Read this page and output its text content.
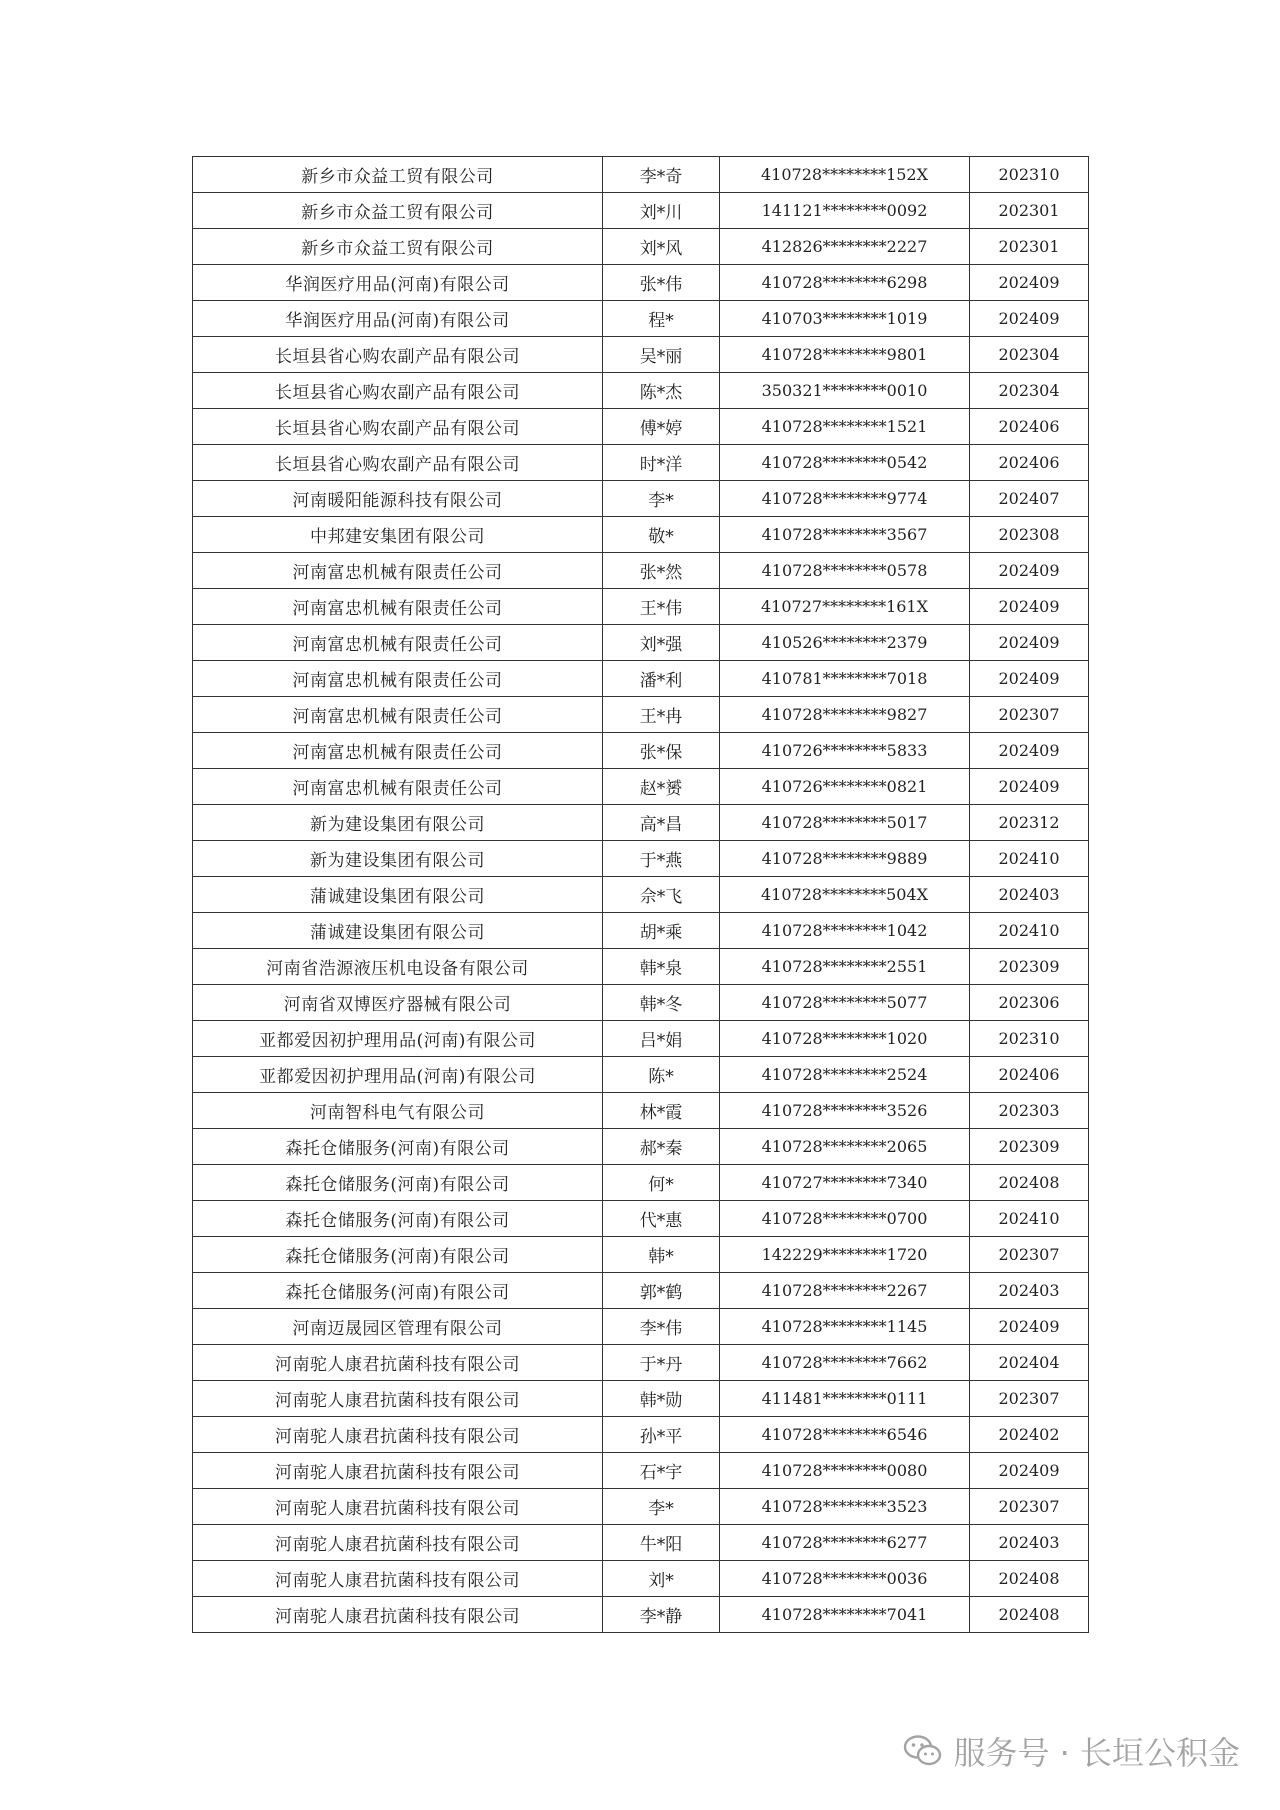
新乡市众益工贸有限公司	李*奇	410728********152X	202310
新乡市众益工贸有限公司	刘*川	141121********0092	202301
新乡市众益工贸有限公司	刘*风	412826********2227	202301
华润医疗用品(河南)有限公司	张*伟	410728********6298	202409
华润医疗用品(河南)有限公司	程*	410703********1019	202409
长垣县省心购农副产品有限公司	吴*丽	410728********9801	202304
长垣县省心购农副产品有限公司	陈*杰	350321********0010	202304
长垣县省心购农副产品有限公司	傅*婷	410728********1521	202406
长垣县省心购农副产品有限公司	时*洋	410728********0542	202406
河南暖阳能源科技有限公司	李*	410728********9774	202407
中邦建安集团有限公司	敬*	410728********3567	202308
河南富忠机械有限责任公司	张*然	410728********0578	202409
河南富忠机械有限责任公司	王*伟	410727********161X	202409
河南富忠机械有限责任公司	刘*强	410526********2379	202409
河南富忠机械有限责任公司	潘*利	410781********7018	202409
河南富忠机械有限责任公司	王*冉	410728********9827	202307
河南富忠机械有限责任公司	张*保	410726********5833	202409
河南富忠机械有限责任公司	赵*赟	410726********0821	202409
新为建设集团有限公司	高*昌	410728********5017	202312
新为建设集团有限公司	于*燕	410728********9889	202410
蒲诚建设集团有限公司	佘*飞	410728********504X	202403
蒲诚建设集团有限公司	胡*乘	410728********1042	202410
河南省浩源液压机电设备有限公司	韩*泉	410728********2551	202309
河南省双博医疗器械有限公司	韩*冬	410728********5077	202306
亚都爱因初护理用品(河南)有限公司	吕*娟	410728********1020	202310
亚都爱因初护理用品(河南)有限公司	陈*	410728********2524	202406
河南智科电气有限公司	林*霞	410728********3526	202303
森托仓储服务(河南)有限公司	郝*秦	410728********2065	202309
森托仓储服务(河南)有限公司	何*	410727********7340	202408
森托仓储服务(河南)有限公司	代*惠	410728********0700	202410
森托仓储服务(河南)有限公司	韩*	142229********1720	202307
森托仓储服务(河南)有限公司	郭*鹤	410728********2267	202403
河南迈晟园区管理有限公司	李*伟	410728********1145	202409
河南驼人康君抗菌科技有限公司	于*丹	410728********7662	202404
河南驼人康君抗菌科技有限公司	韩*勋	411481********0111	202307
河南驼人康君抗菌科技有限公司	孙*平	410728********6546	202402
河南驼人康君抗菌科技有限公司	石*宇	410728********0080	202409
河南驼人康君抗菌科技有限公司	李*	410728********3523	202307
河南驼人康君抗菌科技有限公司	牛*阳	410728********6277	202403
河南驼人康君抗菌科技有限公司	刘*	410728********0036	202408
河南驼人康君抗菌科技有限公司	李*静	410728********7041	202408
服务号 · 长垣公积金
